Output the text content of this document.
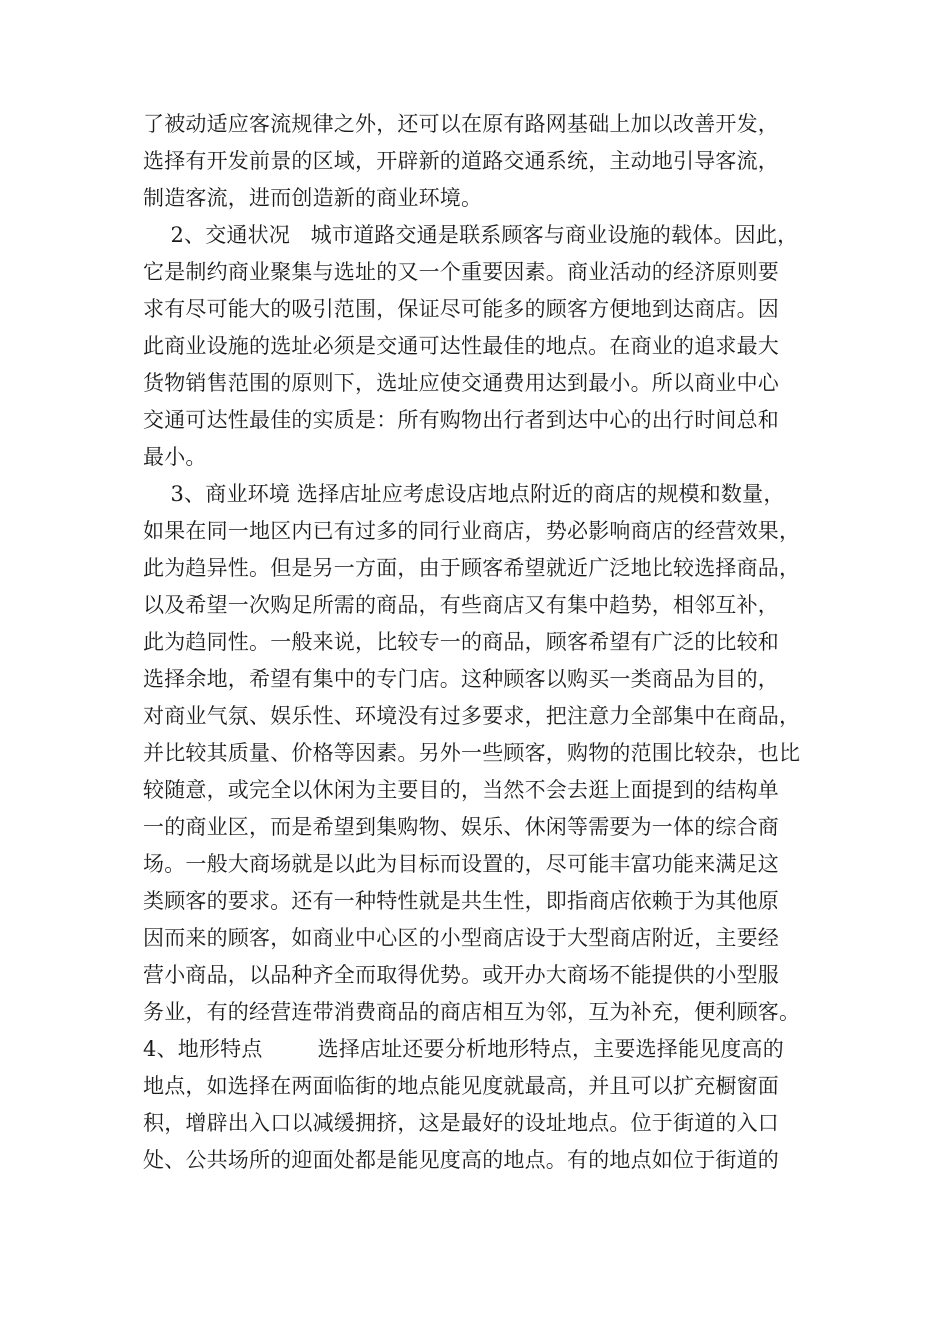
了被动适应客流规律之外，还可以在原有路网基础上加以改善开发，
选择有开发前景的区域，开辟新的道路交通系统，主动地引导客流，
制造客流，进而创造新的商业环境。
2、交通状况   城市道路交通是联系顾客与商业设施的载体。因此，
它是制约商业聚集与选址的又一个重要因素。商业活动的经济原则要
求有尽可能大的吸引范围，保证尽可能多的顾客方便地到达商店。因
此商业设施的选址必须是交通可达性最佳的地点。在商业的追求最大
货物销售范围的原则下，选址应使交通费用达到最小。所以商业中心
交通可达性最佳的实质是：所有购物出行者到达中心的出行时间总和
最小。
3、商业环境 选择店址应考虑设店地点附近的商店的规模和数量，
如果在同一地区内已有过多的同行业商店，势必影响商店的经营效果，
此为趋异性。但是另一方面，由于顾客希望就近广泛地比较选择商品，
以及希望一次购足所需的商品，有些商店又有集中趋势，相邻互补，
此为趋同性。一般来说，比较专一的商品，顾客希望有广泛的比较和
选择余地，希望有集中的专门店。这种顾客以购买一类商品为目的，
对商业气氛、娱乐性、环境没有过多要求，把注意力全部集中在商品，
并比较其质量、价格等因素。另外一些顾客，购物的范围比较杂，也比
较随意，或完全以休闲为主要目的，当然不会去逛上面提到的结构单
一的商业区，而是希望到集购物、娱乐、休闲等需要为一体的综合商
场。一般大商场就是以此为目标而设置的，尽可能丰富功能来满足这
类顾客的要求。还有一种特性就是共生性，即指商店依赖于为其他原
因而来的顾客，如商业中心区的小型商店设于大型商店附近，主要经
营小商品，以品种齐全而取得优势。或开办大商场不能提供的小型服
务业，有的经营连带消费商品的商店相互为邻，互为补充，便利顾客。
4、地形特点        选择店址还要分析地形特点，主要选择能见度高的
地点，如选择在两面临街的地点能见度就最高，并且可以扩充橱窗面
积，增辟出入口以减缓拥挤，这是最好的设址地点。位于街道的入口
处、公共场所的迎面处都是能见度高的地点。有的地点如位于街道的
